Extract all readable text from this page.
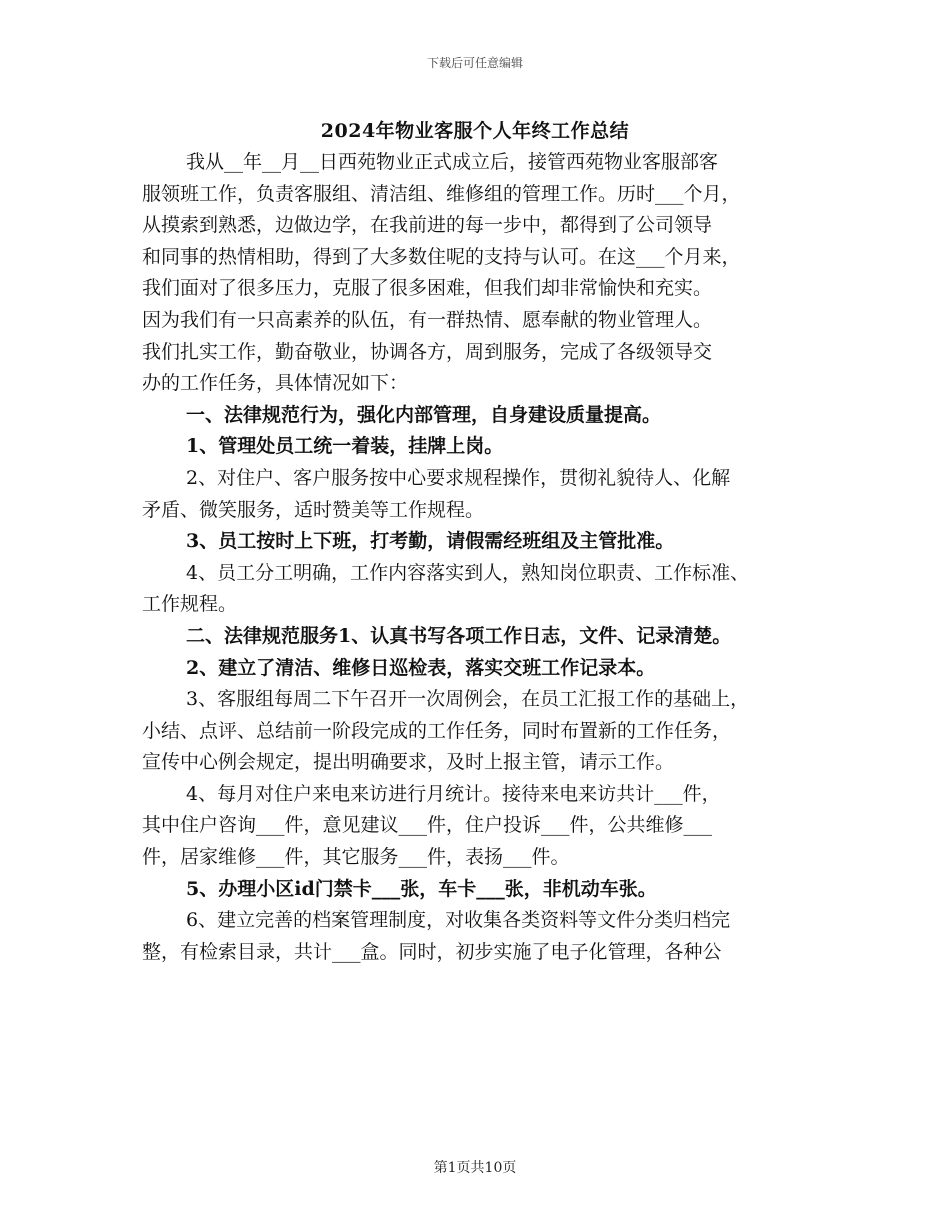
下载后可任意编辑
2024年物业客服个人年终工作总结

我从__年__月__日西苑物业正式成立后，接管西苑物业客服部客

服领班工作，负责客服组、清洁组、维修组的管理工作。历时___个月，

从摸索到熟悉，边做边学，在我前进的每一步中，都得到了公司领导

和同事的热情相助，得到了大多数住呢的支持与认可。在这___个月来，

我们面对了很多压力，克服了很多困难，但我们却非常愉快和充实。

因为我们有一只高素养的队伍，有一群热情、愿奉献的物业管理人。

我们扎实工作，勤奋敬业，协调各方，周到服务，完成了各级领导交

办的工作任务，具体情况如下：

一、法律规范行为，强化内部管理，自身建设质量提高。

1、管理处员工统一着装，挂牌上岗。

2、对住户、客户服务按中心要求规程操作，贯彻礼貌待人、化解

矛盾、微笑服务，适时赞美等工作规程。

3、员工按时上下班，打考勤，请假需经班组及主管批准。

4、员工分工明确，工作内容落实到人，熟知岗位职责、工作标准、

工作规程。

二、法律规范服务1、认真书写各项工作日志，文件、记录清楚。

2、建立了清洁、维修日巡检表，落实交班工作记录本。

3、客服组每周二下午召开一次周例会，在员工汇报工作的基础上，

小结、点评、总结前一阶段完成的工作任务，同时布置新的工作任务，

宣传中心例会规定，提出明确要求，及时上报主管，请示工作。

4、每月对住户来电来访进行月统计。接待来电来访共计___件，

其中住户咨询___件，意见建议___件，住户投诉___件，公共维修___

件，居家维修___件，其它服务___件，表扬___件。

5、办理小区id门禁卡___张，车卡___张，非机动车张。

6、建立完善的档案管理制度，对收集各类资料等文件分类归档完

整，有检索目录，共计___盒。同时，初步实施了电子化管理，各种公

第1页共10页
